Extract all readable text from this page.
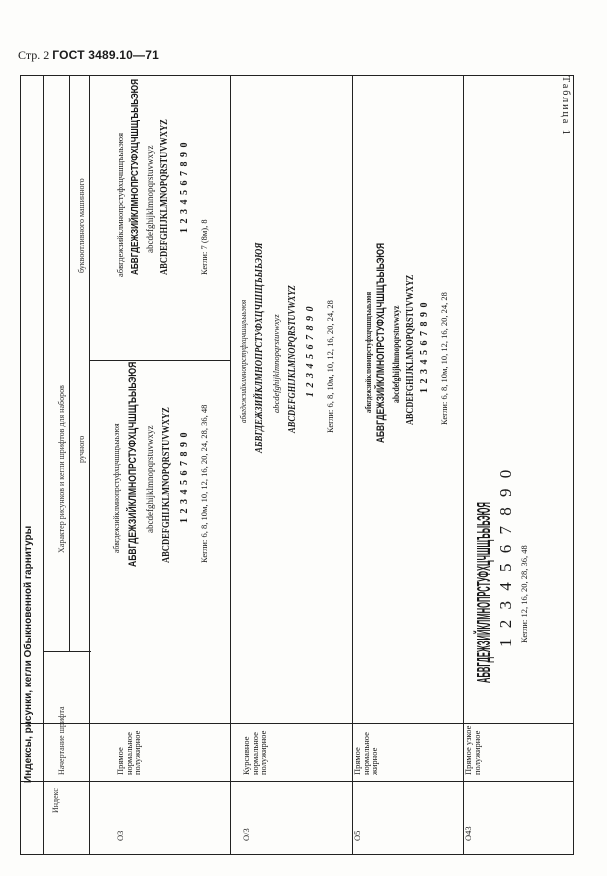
Стр. 2 ГОСТ 3489.10—71
Таблица 1
Индексы, рисунки, кегли Обыкновенной гарнитуры
Индекс
Начертание шрифта
Характер рисунков и кегли шрифтов для наборов ручного
буквоотливного машинного
О3
Прямое нормальное полужирное
абвгдежзийклмнопрстуфхцчшщъыьэюя АБВГДЕЖЗИЙКЛМНОПРСТУФХЦЧШЩЪЫЬЭЮЯ abcdefghijklmnopqrstuvwxyz ABCDEFGHIJKLMNOPQRSTUVWXYZ 1 2 3 4 5 6 7 8 9 0 Кегли: 6, 8, 10м, 10, 12, 16, 20, 24, 28, 36, 48
абвгдежзийклмнопрстуфхцчшщъыьэюя АБВГДЕЖЗИЙКЛМНОПРСТУФХЦЧШЩЪЫЬЭЮЯ abcdefghijklmnopqrstuvwxyz ABCDEFGHIJKLMNOPQRSTUVWXYZ 1 2 3 4 5 6 7 8 9 0
Кегли: 7 (8м), 8
О/3
Курсивное нормальное полужирное
абвгдежзийклмнопрстуфхцчшщъыьэюя АБВГДЕЖЗИЙКЛМНОПРСТУФХЦЧШЩЪЫЬЭЮЯ abcdefghijklmnopqrstuvwxyz ABCDEFGHIJKLMNOPQRSTUVWXYZ 1 2 3 4 5 6 7 8 9 0 Кегли: 6, 8, 10м, 10, 12, 16, 20, 24, 28
О5
Прямое нормальное жирное
абвгдежзийклмнопрстуфхцчшщъыьэюя АБВГДЕЖЗИЙКЛМНОПРСТУФХЦЧШЩЪЫЬЭЮЯ abcdefghijklmnopqrstuvwxyz ABCDEFGHIJKLMNOPQRSTUVWXYZ 1 2 3 4 5 6 7 8 9 0 Кегли: 6, 8, 10м, 10, 12, 16, 20, 24, 28
О43
Прямое узкое полужирное
АБВГДЕЖЗИЙКЛМНОПРСТУФХЦЧШЩЪЫЬЭЮЯ 1 2 3 4 5 6 7 8 9 0 Кегли: 12, 16, 20, 28, 36, 48
